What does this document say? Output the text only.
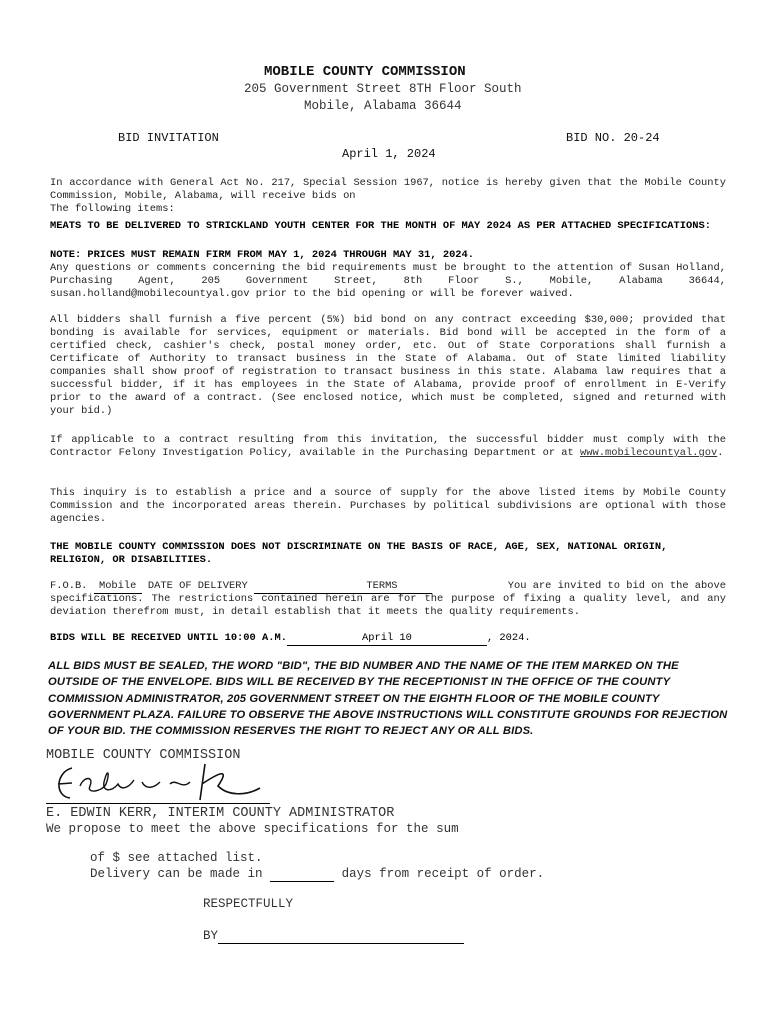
MOBILE COUNTY COMMISSION
205 Government Street 8TH Floor South
Mobile, Alabama 36644
BID INVITATION	BID NO. 20-24
April 1, 2024
In accordance with General Act No. 217, Special Session 1967, notice is hereby given that the Mobile County Commission, Mobile, Alabama, will receive bids on
The following items:
MEATS TO BE DELIVERED TO STRICKLAND YOUTH CENTER FOR THE MONTH OF MAY 2024 AS PER ATTACHED SPECIFICATIONS:
NOTE: PRICES MUST REMAIN FIRM FROM MAY 1, 2024 THROUGH MAY 31, 2024.
Any questions or comments concerning the bid requirements must be brought to the attention of Susan Holland, Purchasing Agent, 205 Government Street, 8th Floor S., Mobile, Alabama 36644, susan.holland@mobilecountyal.gov prior to the bid opening or will be forever waived.
All bidders shall furnish a five percent (5%) bid bond on any contract exceeding $30,000; provided that bonding is available for services, equipment or materials. Bid bond will be accepted in the form of a certified check, cashier's check, postal money order, etc. Out of State Corporations shall furnish a Certificate of Authority to transact business in the State of Alabama. Out of State limited liability companies shall show proof of registration to transact business in this state. Alabama law requires that a successful bidder, if it has employees in the State of Alabama, provide proof of enrollment in E-Verify prior to the award of a contract. (See enclosed notice, which must be completed, signed and returned with your bid.)
If applicable to a contract resulting from this invitation, the successful bidder must comply with the Contractor Felony Investigation Policy, available in the Purchasing Department or at www.mobilecountyal.gov.
This inquiry is to establish a price and a source of supply for the above listed items by Mobile County Commission and the incorporated areas therein. Purchases by political subdivisions are optional with those agencies.
THE MOBILE COUNTY COMMISSION DOES NOT DISCRIMINATE ON THE BASIS OF RACE, AGE, SEX, NATIONAL ORIGIN, RELIGION, OR DISABILITIES.
F.O.B. Mobile DATE OF DELIVERY	TERMS	You are invited to bid on the above
specifications. The restrictions contained herein are for the purpose of fixing a quality level, and any deviation therefrom must, in detail establish that it meets the quality requirements.
BIDS WILL BE RECEIVED UNTIL 10:00 A.M.	April 10	, 2024.
ALL BIDS MUST BE SEALED, THE WORD "BID", THE BID NUMBER AND THE NAME OF THE ITEM MARKED ON THE OUTSIDE OF THE ENVELOPE. BIDS WILL BE RECEIVED BY THE RECEPTIONIST IN THE OFFICE OF THE COUNTY COMMISSION ADMINISTRATOR, 205 GOVERNMENT STREET ON THE EIGHTH FLOOR OF THE MOBILE COUNTY GOVERNMENT PLAZA. FAILURE TO OBSERVE THE ABOVE INSTRUCTIONS WILL CONSTITUTE GROUNDS FOR REJECTION OF YOUR BID. THE COMMISSION RESERVES THE RIGHT TO REJECT ANY OR ALL BIDS.
MOBILE COUNTY COMMISSION
E. EDWIN KERR, INTERIM COUNTY ADMINISTRATOR
We propose to meet the above specifications for the sum
of $ see attached list.
Delivery can be made in	days from receipt of order.
RESPECTFULLY
BY
